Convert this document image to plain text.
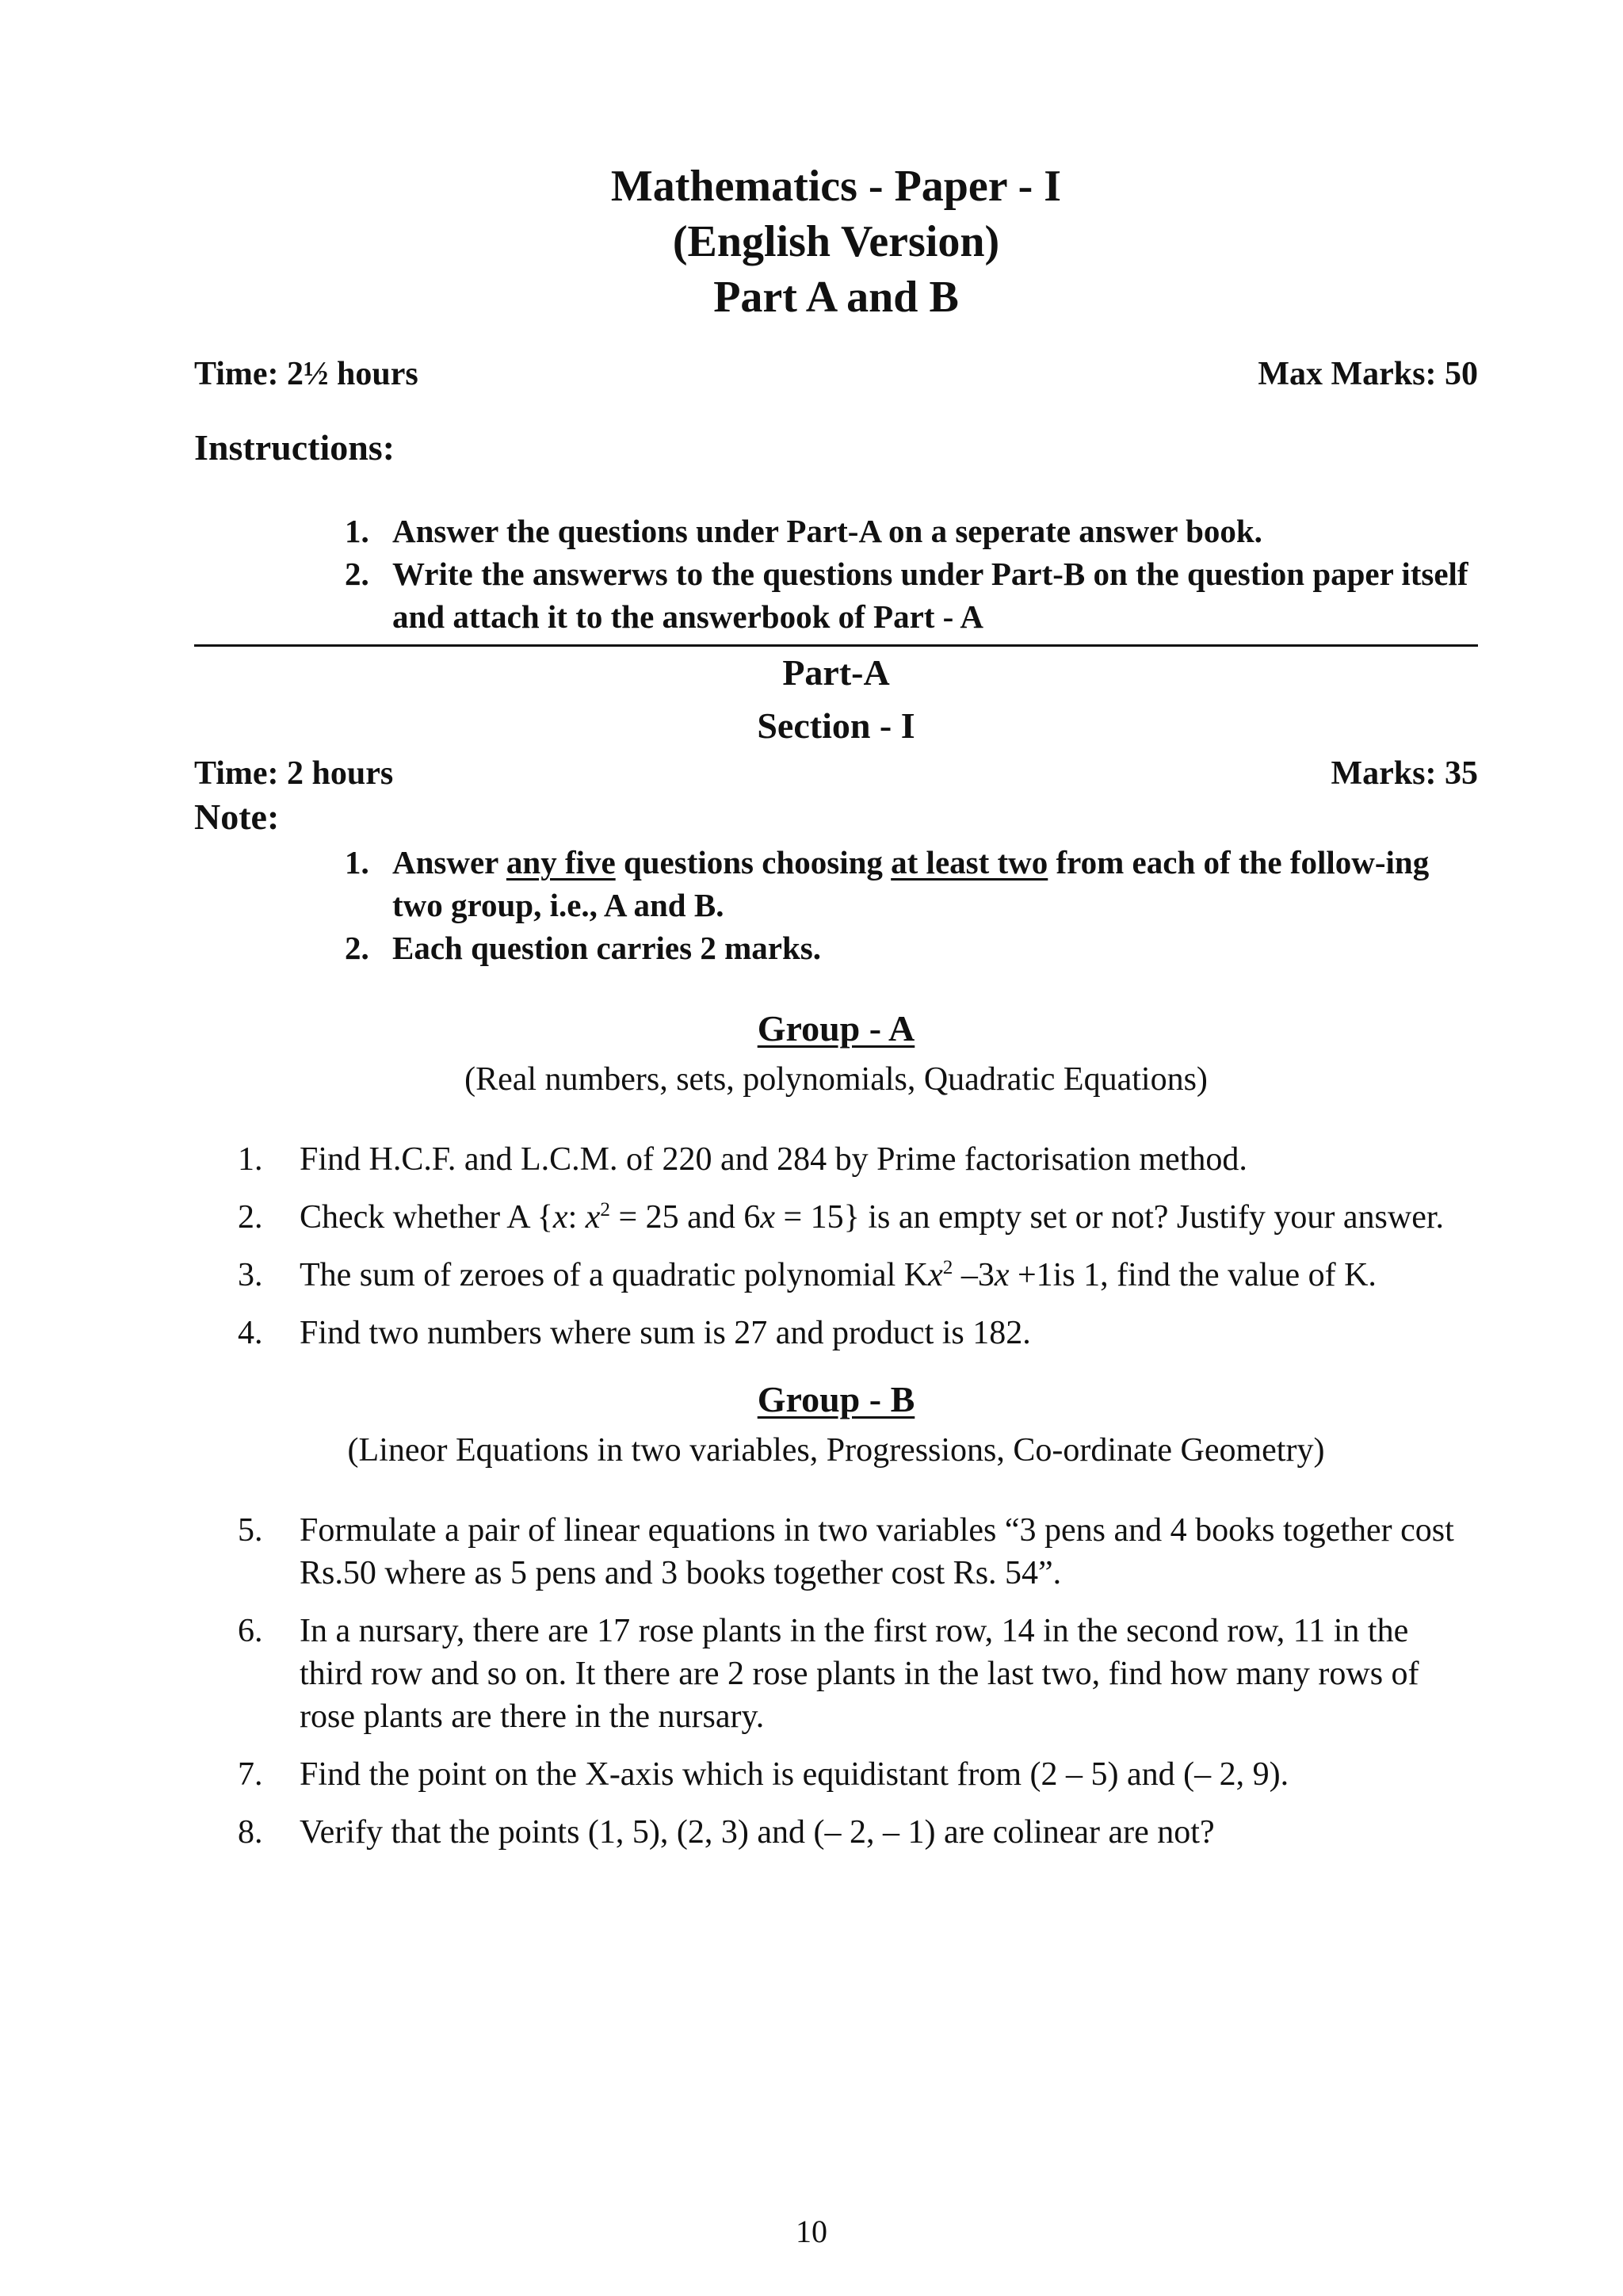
Mathematics - Paper - I
(English Version)
Part A and B
Time: 2½ hours	Max Marks: 50
Instructions:
1. Answer the questions under Part-A on a seperate answer book.
2. Write the answerws to the questions under Part-B on the question paper itself and attach it to the answerbook of Part - A
Part-A
Section - I
Time: 2 hours	Marks: 35
Note:
1. Answer any five questions choosing at least two from each of the follow-ing two group, i.e., A and B.
2. Each question carries 2 marks.
Group - A
(Real numbers, sets, polynomials, Quadratic Equations)
1.	Find H.C.F. and L.C.M. of 220 and 284 by Prime factorisation method.
2.	Check whether A {x: $x^2 = 25$ and 6x = 15} is an empty set or not? Justify your answer.
3.	The sum of zeroes of a quadratic polynomial Kx$^2$ –3x +1is 1, find the value of K.
4.	Find two numbers where sum is 27 and product is 182.
Group - B
(Lineor Equations in two variables, Progressions, Co-ordinate Geometry)
5.	Formulate a pair of linear equations in two variables “3 pens and 4 books together cost Rs.50 where as 5 pens and 3 books together cost Rs. 54”.
6.	In a nursary, there are 17 rose plants in the first row, 14 in the second row, 11 in the third row and so on. It there are 2 rose plants in the last two, find how many rows of rose plants are there in the nursary.
7.	Find the point on the X-axis which is equidistant from (2 – 5) and (– 2, 9).
8.	Verify that the points (1, 5), (2, 3) and (– 2, – 1) are colinear are not?
10
